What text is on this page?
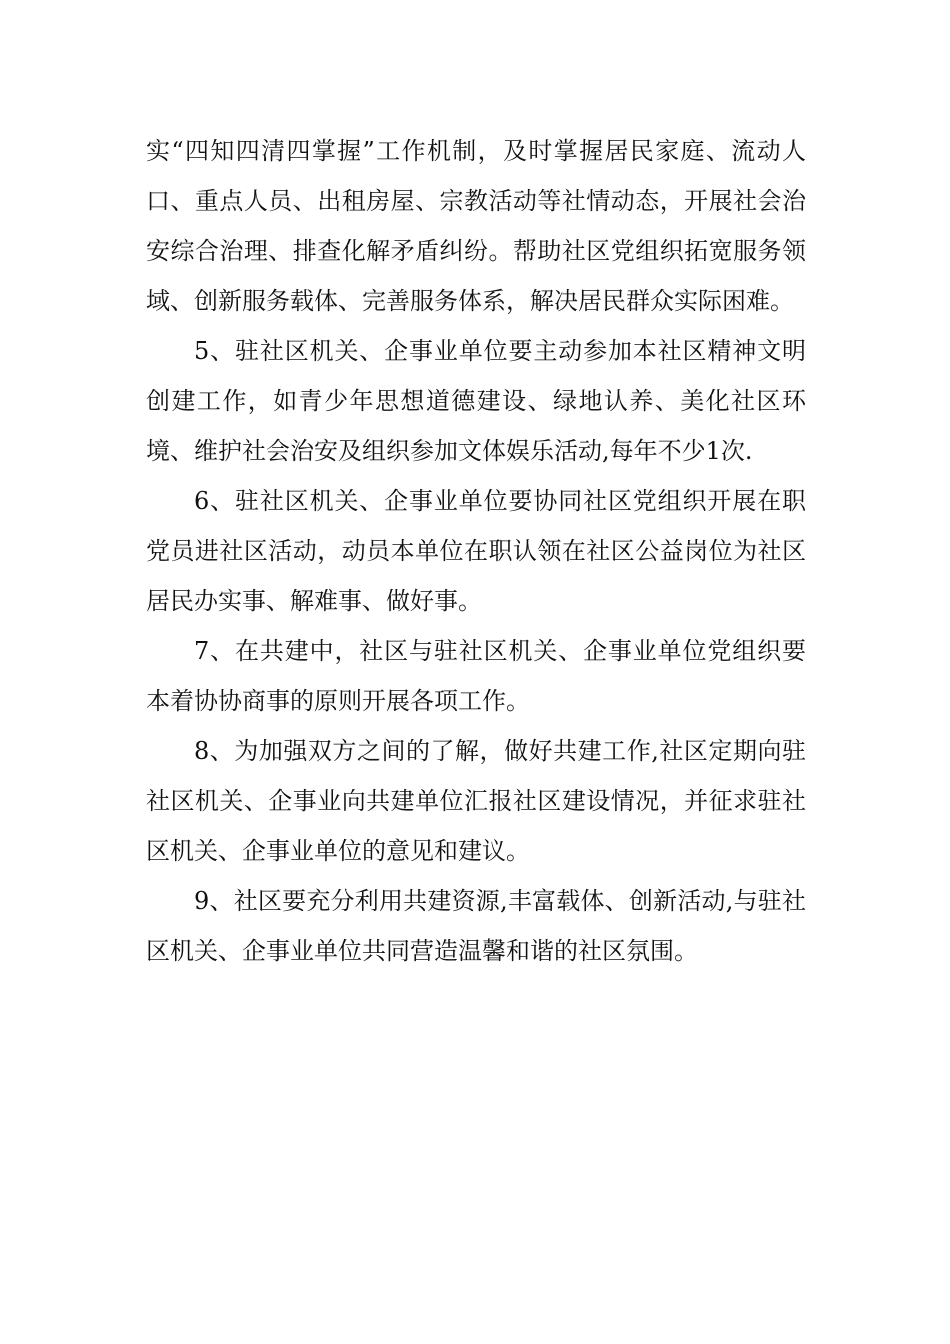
实“四知四清四掌握”工作机制，及时掌握居民家庭、流动人口、重点人员、出租房屋、宗教活动等社情动态，开展社会治安综合治理、排查化解矛盾纠纷。帮助社区党组织拓宽服务领域、创新服务载体、完善服务体系，解决居民群众实际困难。

5、驻社区机关、企事业单位要主动参加本社区精神文明创建工作，如青少年思想道德建设、绿地认养、美化社区环境、维护社会治安及组织参加文体娱乐活动,每年不少1次.

6、驻社区机关、企事业单位要协同社区党组织开展在职党员进社区活动，动员本单位在职认领在社区公益岗位为社区居民办实事、解难事、做好事。

7、在共建中，社区与驻社区机关、企事业单位党组织要本着协协商事的原则开展各项工作。

8、为加强双方之间的了解，做好共建工作,社区定期向驻社区机关、企事业向共建单位汇报社区建设情况，并征求驻社区机关、企事业单位的意见和建议。

9、社区要充分利用共建资源,丰富载体、创新活动,与驻社区机关、企事业单位共同营造温馨和谐的社区氛围。
